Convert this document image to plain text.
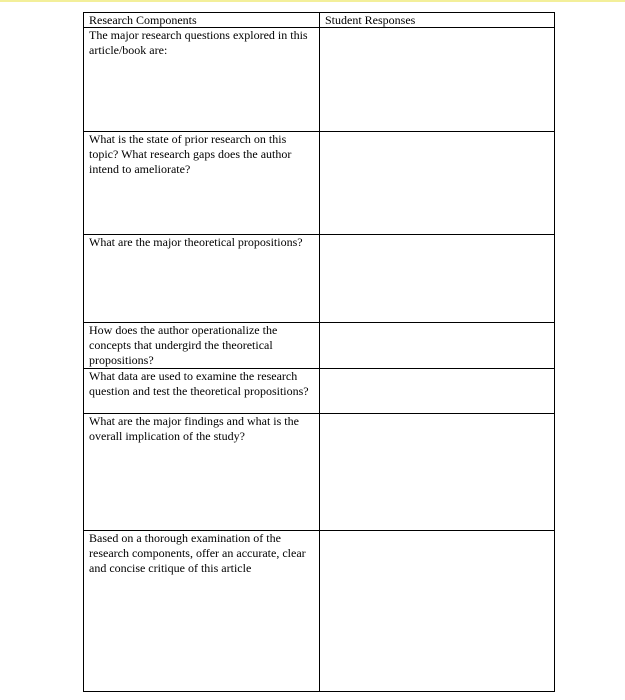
Research Components	Student Responses

The major research questions explored in this article/book are:	

What is the state of prior research on this topic? What research gaps does the author intend to ameliorate?	

What are the major theoretical propositions?	

How does the author operationalize the concepts that undergird the theoretical propositions?	

What data are used to examine the research question and test the theoretical propositions?	

What are the major findings and what is the overall implication of the study?	

Based on a thorough examination of the research components, offer an accurate, clear and concise critique of this article	
